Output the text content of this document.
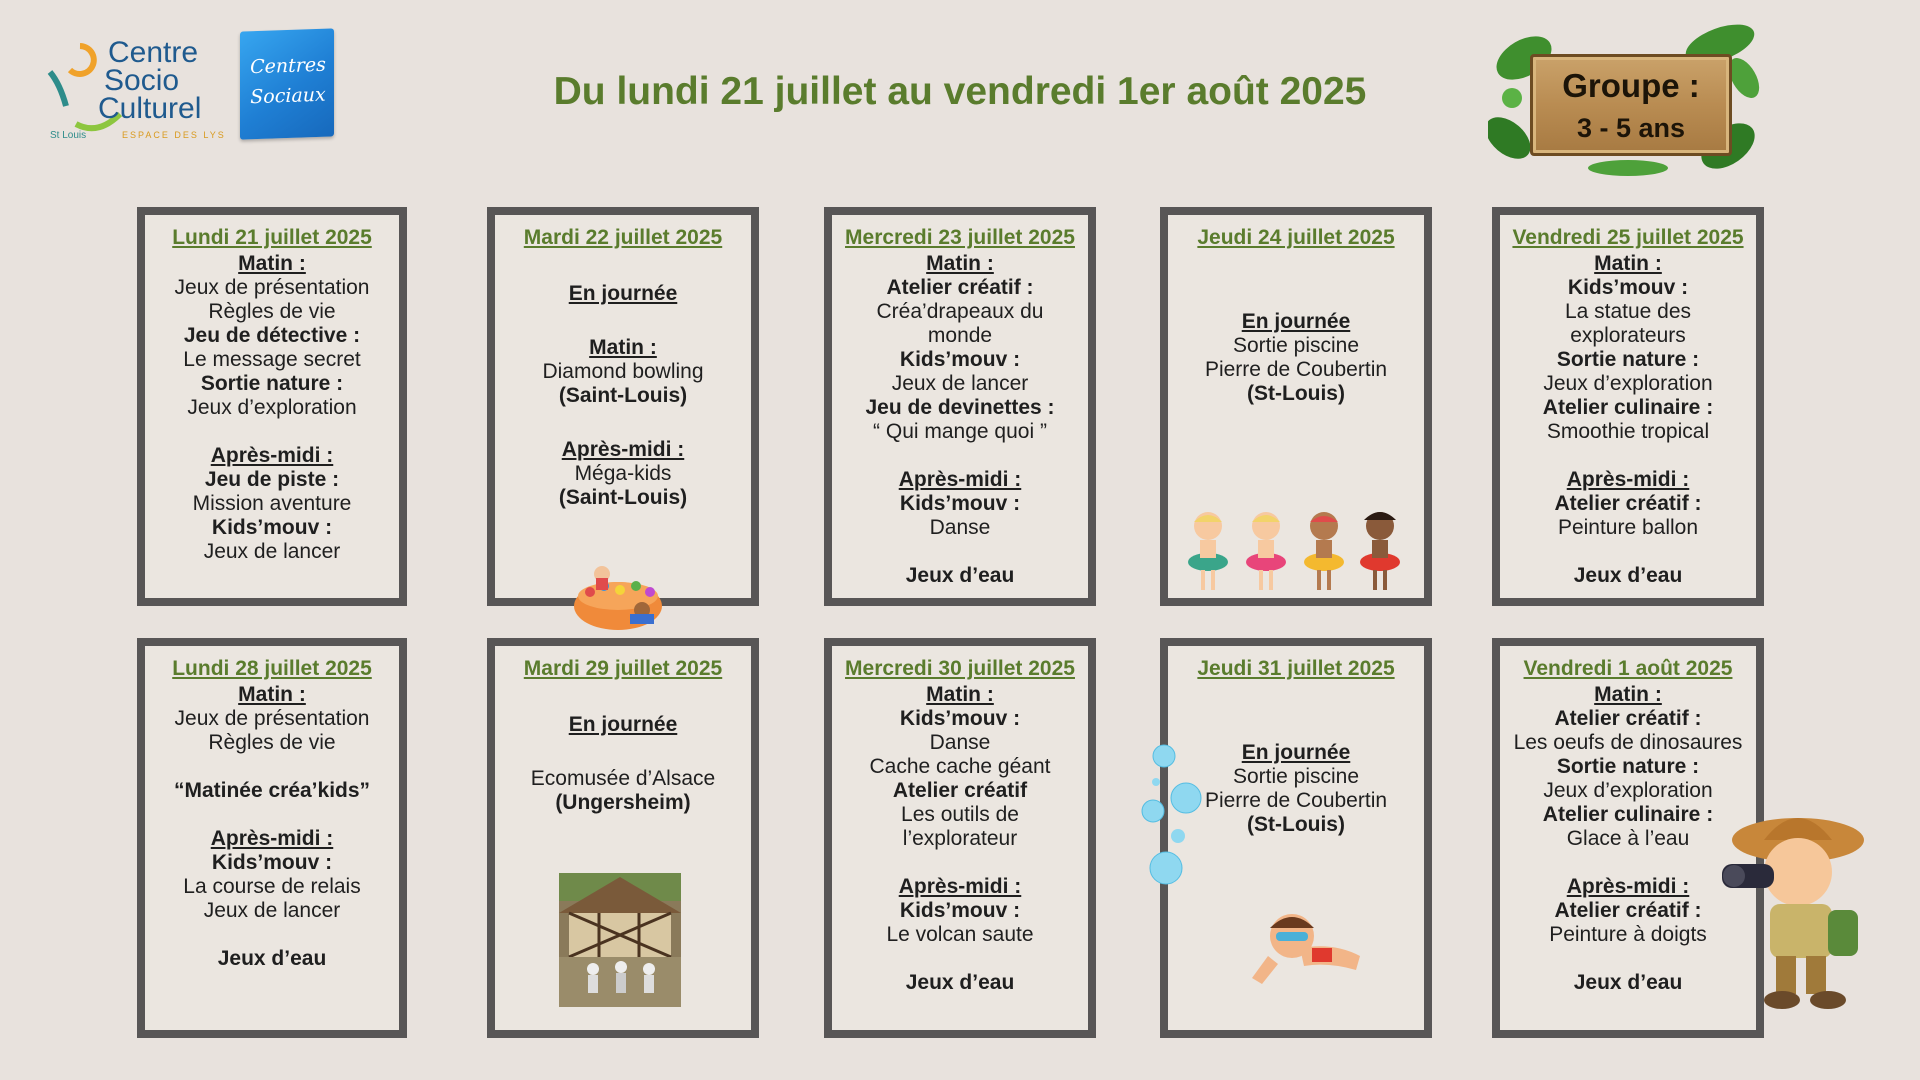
Centre
Socio
Culturel
St Louis	ESPACE DES LYS
Centres
Sociaux	Du lundi 21 juillet au vendredi 1er août 2025	Groupe :
3 - 5 ans
Lundi 21 juillet 2025
Matin :
Jeux de présentation
Règles de vie
Jeu de détective :
Le message secret
Sortie nature :
Jeux d’exploration
Après-midi :
Jeu de piste :
Mission aventure
Kids’mouv :
Jeux de lancer
Mardi 22 juillet 2025
En journée
Matin :
Diamond bowling
(Saint-Louis)
Après-midi :
Méga-kids
(Saint-Louis)
Mercredi 23 juillet 2025
Matin :
Atelier créatif :
Créa’drapeaux du
monde
Kids’mouv :
Jeux de lancer
Jeu de devinettes :
“ Qui mange quoi ”
Après-midi :
Kids’mouv :
Danse
Jeux d’eau
Jeudi 24 juillet 2025
En journée
Sortie piscine
Pierre de Coubertin
(St-Louis)
Vendredi 25 juillet 2025
Matin :
Kids’mouv :
La statue des
explorateurs
Sortie nature :
Jeux d’exploration
Atelier culinaire :
Smoothie tropical
Après-midi :
Atelier créatif :
Peinture ballon
Jeux d’eau
Lundi 28 juillet 2025
Matin :
Jeux de présentation
Règles de vie
“Matinée créa’kids”
Après-midi :
Kids’mouv :
La course de relais
Jeux de lancer
Jeux d’eau
Mardi 29 juillet 2025
En journée
Ecomusée d’Alsace
(Ungersheim)
Mercredi 30 juillet 2025
Matin :
Kids’mouv :
Danse
Cache cache géant
Atelier créatif
Les outils de
l’explorateur
Après-midi :
Kids’mouv :
Le volcan saute
Jeux d’eau
Jeudi 31 juillet 2025
En journée
Sortie piscine
Pierre de Coubertin
(St-Louis)
Vendredi 1 août 2025
Matin :
Atelier créatif :
Les oeufs de dinosaures
Sortie nature :
Jeux d’exploration
Atelier culinaire :
Glace à l’eau
Après-midi :
Atelier créatif :
Peinture à doigts
Jeux d’eau
